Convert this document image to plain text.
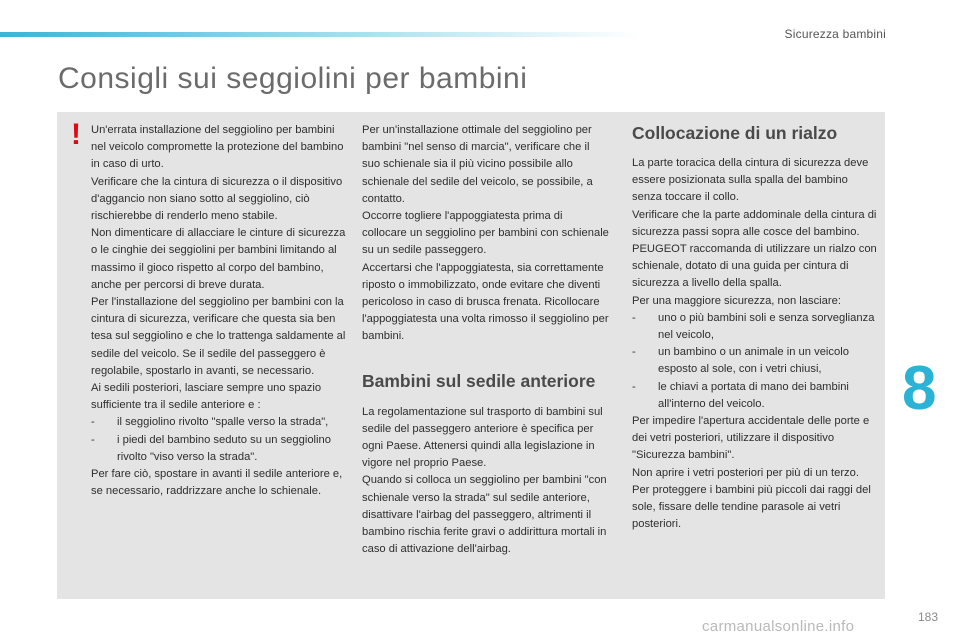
Sicurezza bambini
Consigli sui seggiolini per bambini
! Un'errata installazione del seggiolino per bambini nel veicolo compromette la protezione del bambino in caso di urto.

Verificare che la cintura di sicurezza o il dispositivo d'aggancio non siano sotto al seggiolino, ciò rischierebbe di renderlo meno stabile.

Non dimenticare di allacciare le cinture di sicurezza o le cinghie dei seggiolini per bambini limitando al massimo il gioco rispetto al corpo del bambino, anche per percorsi di breve durata.

Per l'installazione del seggiolino per bambini con la cintura di sicurezza, verificare che questa sia ben tesa sul seggiolino e che lo trattenga saldamente al sedile del veicolo. Se il sedile del passeggero è regolabile, spostarlo in avanti, se necessario.

Ai sedili posteriori, lasciare sempre uno spazio sufficiente tra il sedile anteriore e :

- il seggiolino rivolto "spalle verso la strada",
- i piedi del bambino seduto su un seggiolino rivolto "viso verso la strada".

Per fare ciò, spostare in avanti il sedile anteriore e, se necessario, raddrizzare anche lo schienale.

Per un'installazione ottimale del seggiolino per bambini "nel senso di marcia", verificare che il suo schienale sia il più vicino possibile allo schienale del sedile del veicolo, se possibile, a contatto.

Occorre togliere l'appoggiatesta prima di collocare un seggiolino per bambini con schienale su un sedile passeggero.

Accertarsi che l'appoggiatesta, sia correttamente riposto o immobilizzato, onde evitare che diventi pericoloso in caso di brusca frenata. Ricollocare l'appoggiatesta una volta rimosso il seggiolino per bambini.

Bambini sul sedile anteriore

La regolamentazione sul trasporto di bambini sul sedile del passeggero anteriore è specifica per ogni Paese. Attenersi quindi alla legislazione in vigore nel proprio Paese.

Quando si colloca un seggiolino per bambini "con schienale verso la strada" sul sedile anteriore, disattivare l'airbag del passeggero, altrimenti il bambino rischia ferite gravi o addirittura mortali in caso di attivazione dell'airbag.

Collocazione di un rialzo

La parte toracica della cintura di sicurezza deve essere posizionata sulla spalla del bambino senza toccare il collo.

Verificare che la parte addominale della cintura di sicurezza passi sopra alle cosce del bambino.

PEUGEOT raccomanda di utilizzare un rialzo con schienale, dotato di una guida per cintura di sicurezza a livello della spalla.

Per una maggiore sicurezza, non lasciare:

- uno o più bambini soli e senza sorveglianza nel veicolo,
- un bambino o un animale in un veicolo esposto al sole, con i vetri chiusi,
- le chiavi a portata di mano dei bambini all'interno del veicolo.

Per impedire l'apertura accidentale delle porte e dei vetri posteriori, utilizzare il dispositivo "Sicurezza bambini".

Non aprire i vetri posteriori per più di un terzo.

Per proteggere i bambini più piccoli dai raggi del sole, fissare delle tendine parasole ai vetri posteriori.

8
183
carmanualsonline.info
